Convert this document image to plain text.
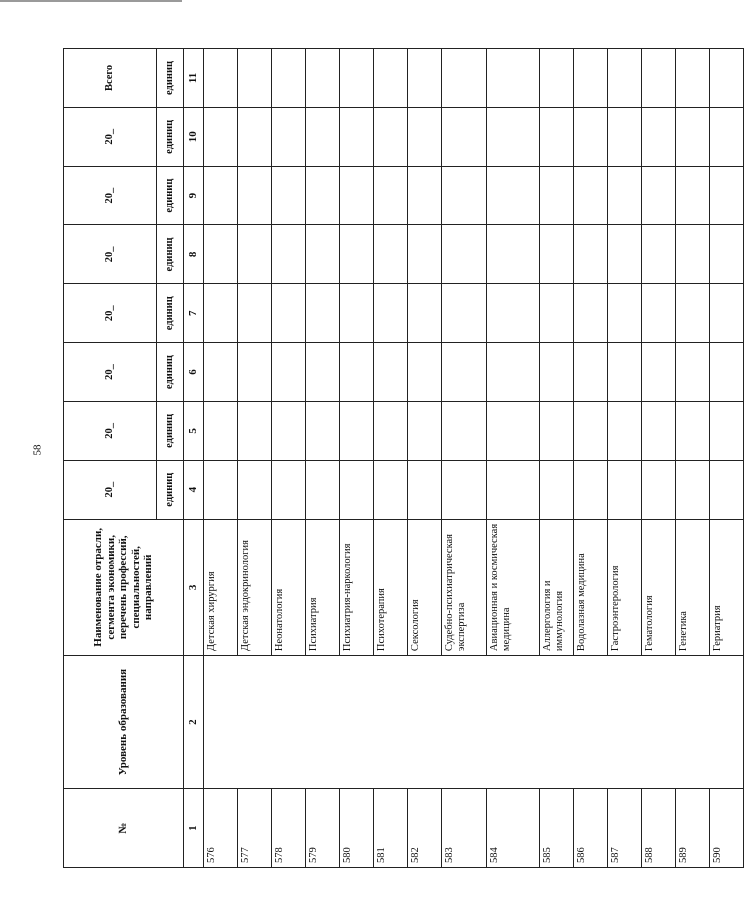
58
№	Уровень образования	Наименование отрасли, сегмента экономики, перечень профессий, специальностей, направлений	20_	20_	20_	20_	20_	20_	20_	Всего
			единиц	единиц	единиц	единиц	единиц	единиц	единиц	единиц
1	2	3	4	5	6	7	8	9	10	11
576		Детская хирургия								
577		Детская эндокринология								
578		Неонатология								
579		Психиатрия								
580		Психиатрия-наркология								
581		Психотерапия								
582		Сексология								
583		Судебно-психиатрическая экспертиза								
584		Авиационная и космическая медицина								
585		Аллергология и иммунология								
586		Водолазная медицина								
587		Гастроэнтерология								
588		Гематология								
589		Генетика								
590		Гериатрия								
